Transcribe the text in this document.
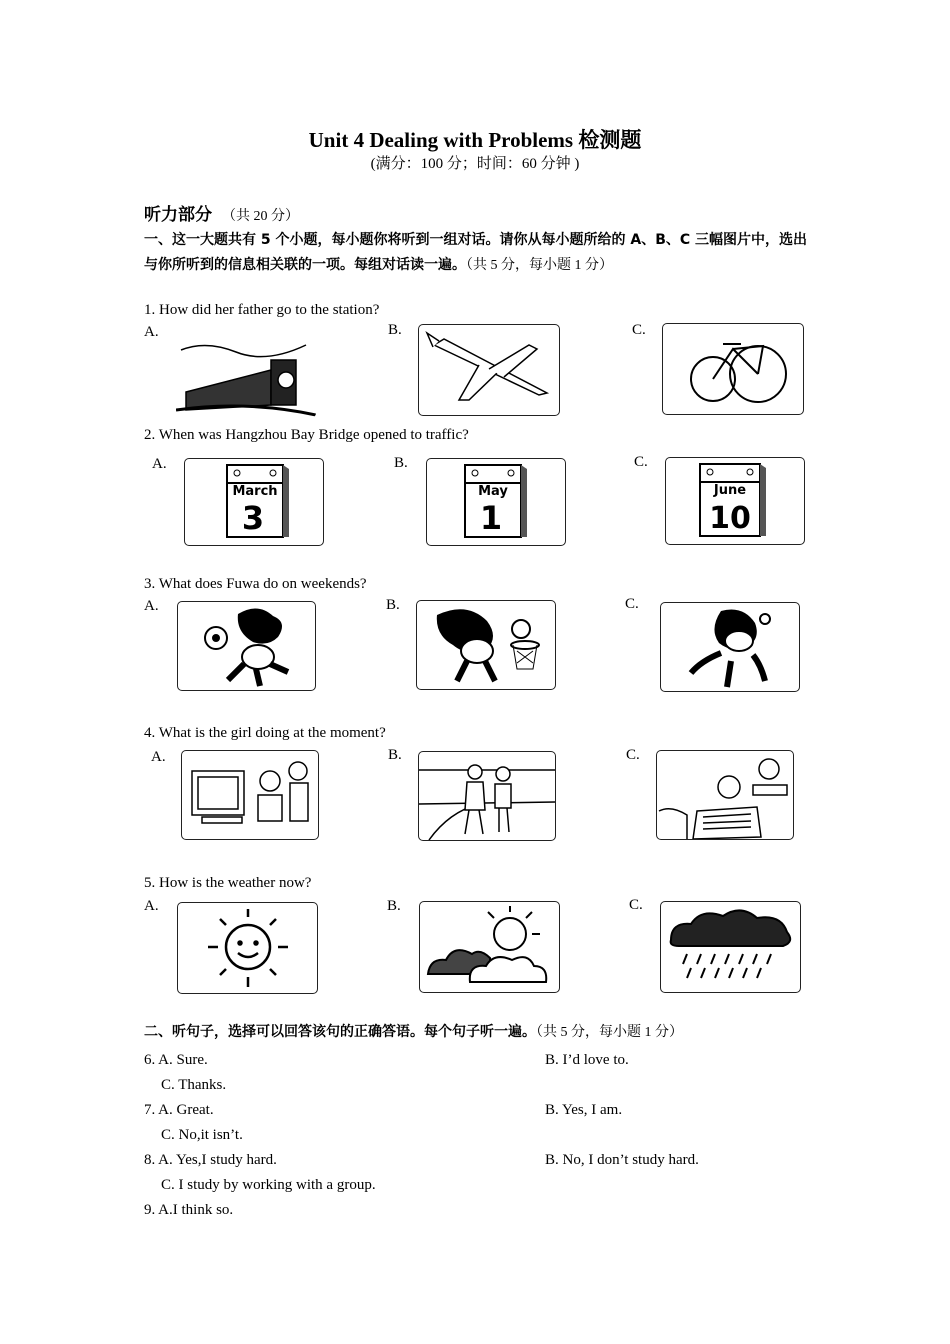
Unit 4 Dealing with Problems 检测题
(满分：100 分；时间：60 分钟 )
听力部分 （共 20 分）
一、这一大题共有 5 个小题，每小题你将听到一组对话。请你从每小题所给的 A、B、C 三幅图片中，选出与你所听到的信息相关联的一项。每组对话读一遍。（共 5 分，每小题 1 分）
1. How did her father go to the station?
A.	B.	C.
2. When was Hangzhou Bay Bridge opened to traffic?
A.	B.	C.
March
3
May
1
June
10
3. What does Fuwa do on weekends?
A.	B.	C.
4. What is the girl doing at the moment?
A.	B.	C.
5. How is the weather now?
A.	B.	C.
二、听句子，选择可以回答该句的正确答语。每个句子听一遍。（共 5 分，每小题 1 分）
6. A. Sure.	B. I’d love to.
C. Thanks.
7. A. Great.	B. Yes, I am.
C. No,it isn’t.
8. A. Yes,I study hard.	B. No, I don’t study hard.
C. I study by working with a group.
9. A.I think so.
